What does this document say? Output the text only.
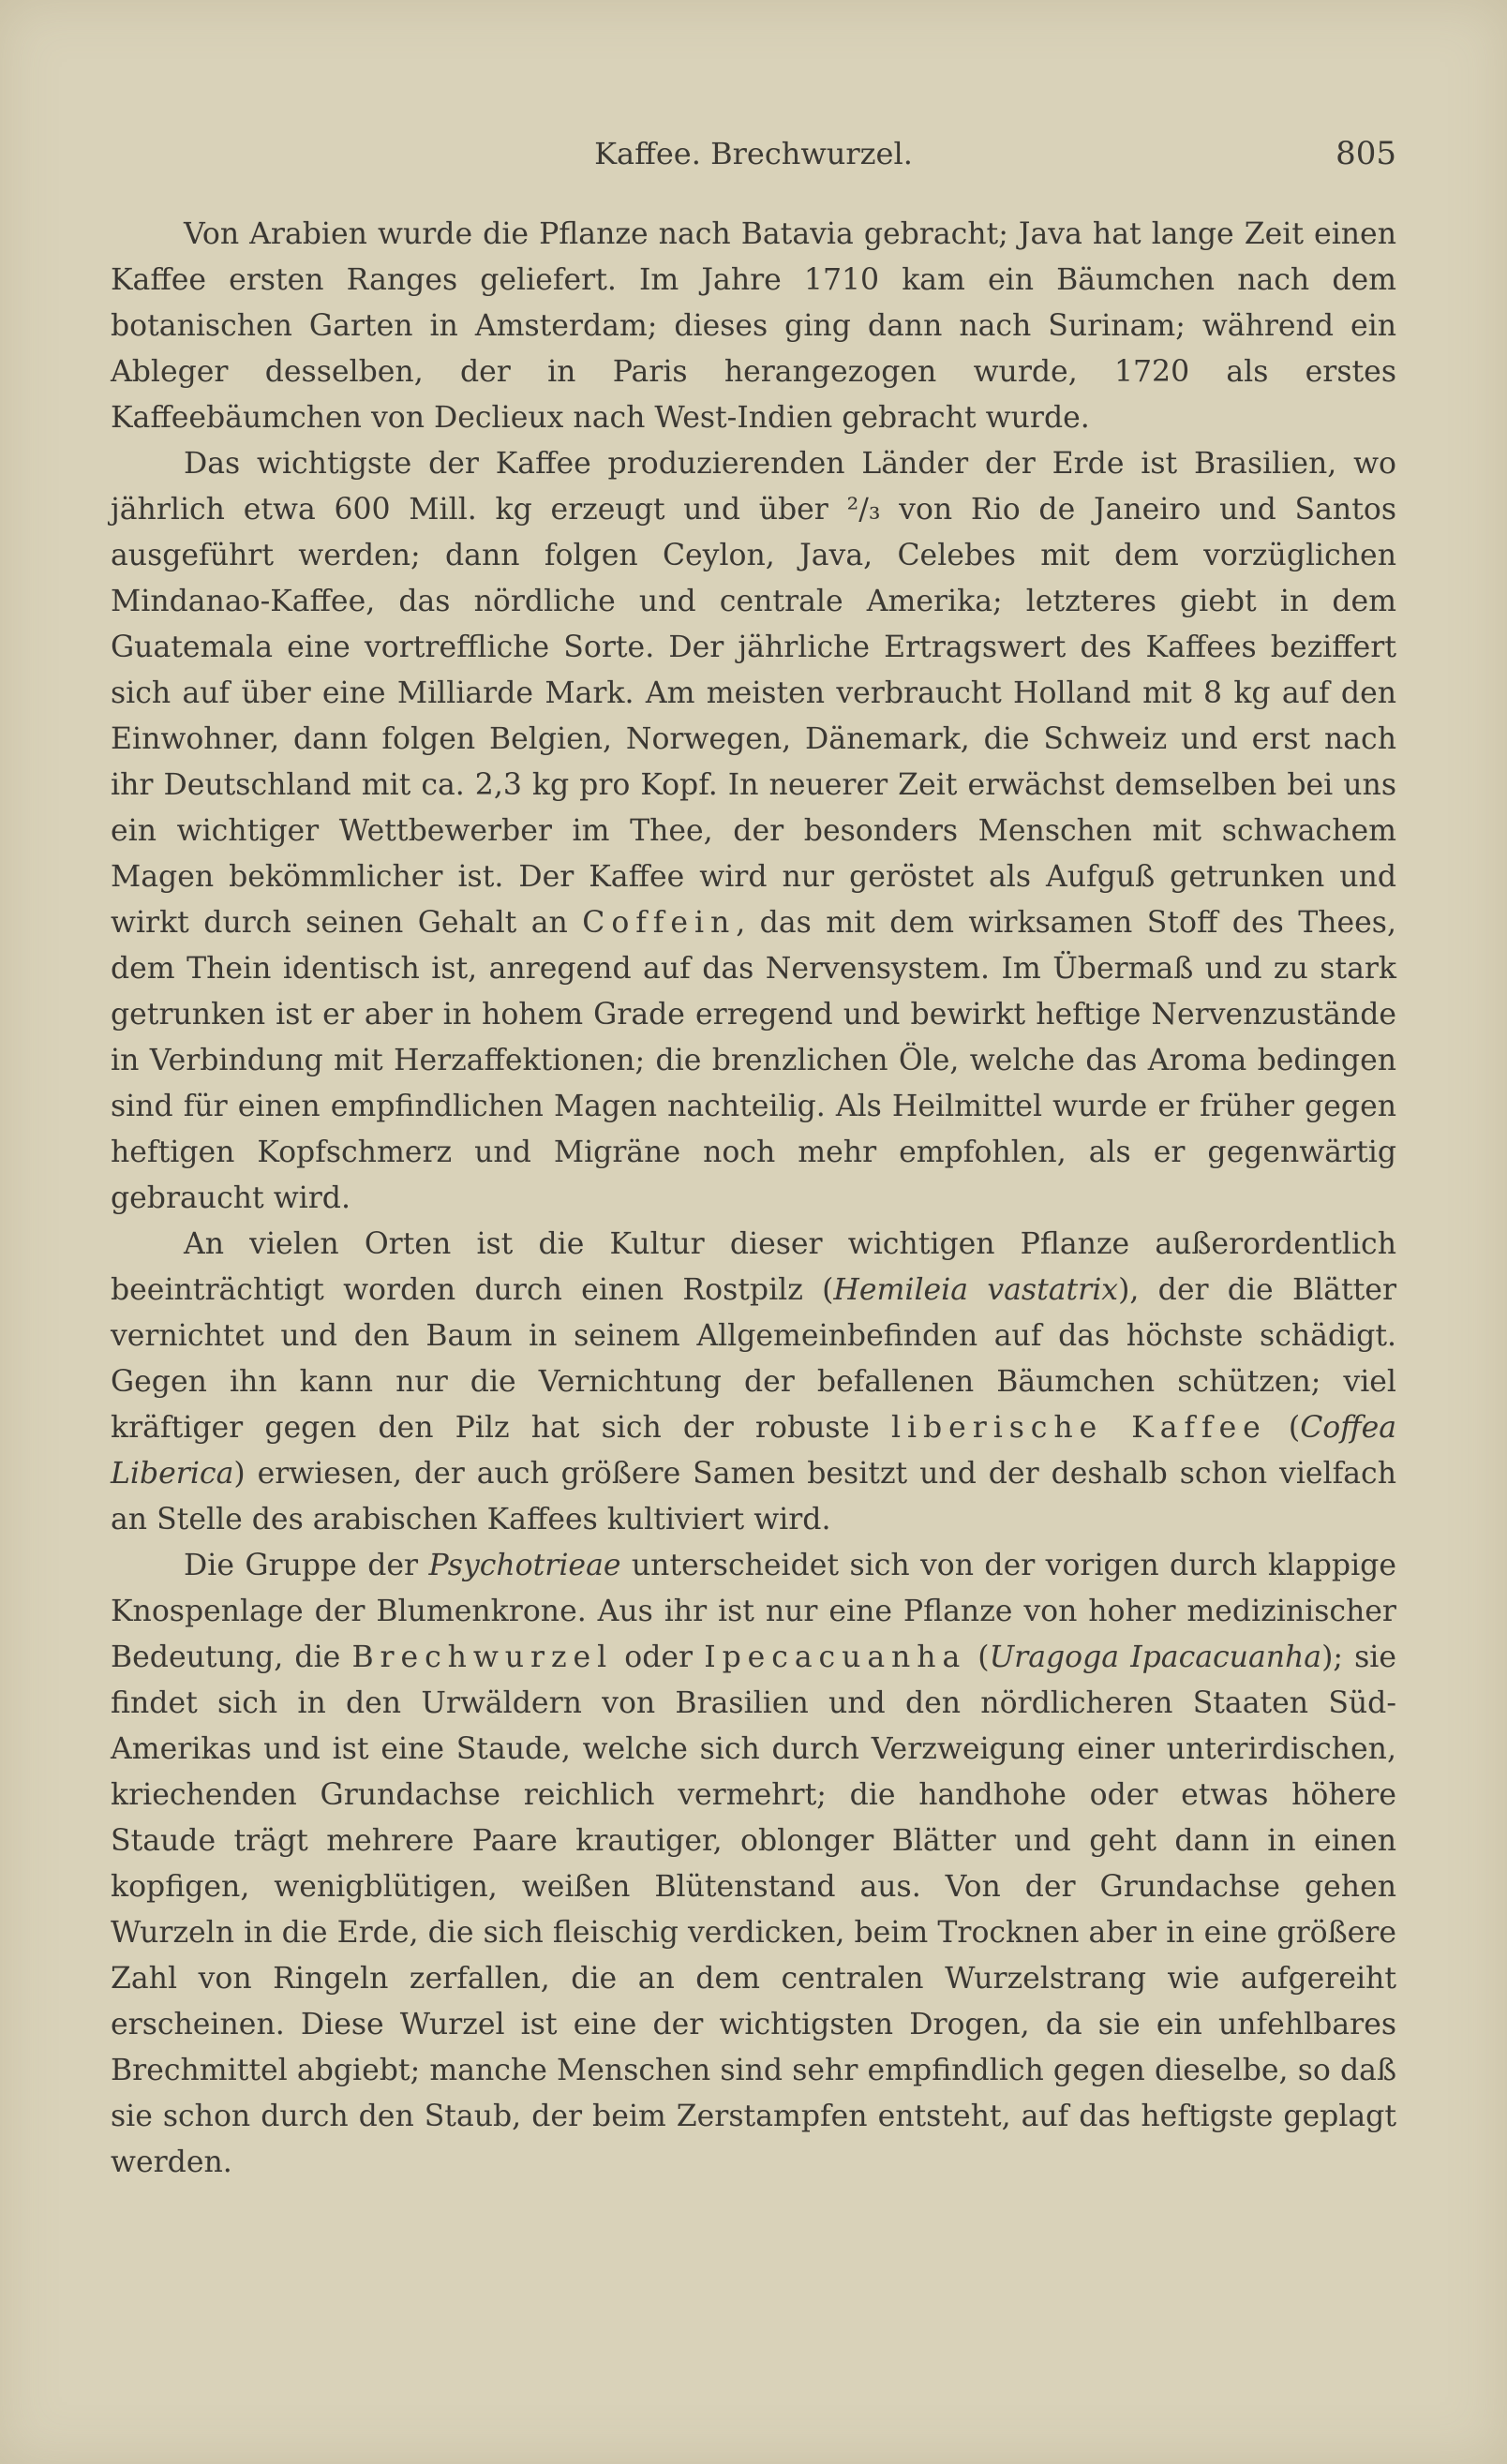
Kaffee. Brechwurzel.	805

Von Arabien wurde die Pflanze nach Batavia gebracht; Java hat lange Zeit einen Kaffee ersten Ranges geliefert. Im Jahre 1710 kam ein Bäumchen nach dem botanischen Garten in Amsterdam; dieses ging dann nach Surinam; während ein Ableger desselben, der in Paris herangezogen wurde, 1720 als erstes Kaffeebäumchen von Declieux nach West-Indien gebracht wurde.

Das wichtigste der Kaffee produzierenden Länder der Erde ist Brasilien, wo jährlich etwa 600 Mill. kg erzeugt und über ²/₃ von Rio de Janeiro und Santos ausgeführt werden; dann folgen Ceylon, Java, Celebes mit dem vorzüglichen Mindanao-Kaffee, das nördliche und centrale Amerika; letzteres giebt in dem Guatemala eine vortreffliche Sorte. Der jährliche Ertragswert des Kaffees beziffert sich auf über eine Milliarde Mark. Am meisten verbraucht Holland mit 8 kg auf den Einwohner, dann folgen Belgien, Norwegen, Dänemark, die Schweiz und erst nach ihr Deutschland mit ca. 2,3 kg pro Kopf. In neuerer Zeit erwächst demselben bei uns ein wichtiger Wettbewerber im Thee, der besonders Menschen mit schwachem Magen bekömmlicher ist. Der Kaffee wird nur geröstet als Aufguß getrunken und wirkt durch seinen Gehalt an Coffein, das mit dem wirksamen Stoff des Thees, dem Thein identisch ist, anregend auf das Nervensystem. Im Übermaß und zu stark getrunken ist er aber in hohem Grade erregend und bewirkt heftige Nervenzustände in Verbindung mit Herzaffektionen; die brenzlichen Öle, welche das Aroma bedingen sind für einen empfindlichen Magen nachteilig. Als Heilmittel wurde er früher gegen heftigen Kopfschmerz und Migräne noch mehr empfohlen, als er gegenwärtig gebraucht wird.

An vielen Orten ist die Kultur dieser wichtigen Pflanze außerordentlich beeinträchtigt worden durch einen Rostpilz (Hemileia vastatrix), der die Blätter vernichtet und den Baum in seinem Allgemeinbefinden auf das höchste schädigt. Gegen ihn kann nur die Vernichtung der befallenen Bäumchen schützen; viel kräftiger gegen den Pilz hat sich der robuste liberische Kaffee (Coffea Liberica) erwiesen, der auch größere Samen besitzt und der deshalb schon vielfach an Stelle des arabischen Kaffees kultiviert wird.

Die Gruppe der Psychotrieae unterscheidet sich von der vorigen durch klappige Knospenlage der Blumenkrone. Aus ihr ist nur eine Pflanze von hoher medizinischer Bedeutung, die Brechwurzel oder Ipecacuanha (Uragoga Ipacacuanha); sie findet sich in den Urwäldern von Brasilien und den nördlicheren Staaten Süd-Amerikas und ist eine Staude, welche sich durch Verzweigung einer unterirdischen, kriechenden Grundachse reichlich vermehrt; die handhohe oder etwas höhere Staude trägt mehrere Paare krautiger, oblonger Blätter und geht dann in einen kopfigen, wenigblütigen, weißen Blütenstand aus. Von der Grundachse gehen Wurzeln in die Erde, die sich fleischig verdicken, beim Trocknen aber in eine größere Zahl von Ringeln zerfallen, die an dem centralen Wurzelstrang wie aufgereiht erscheinen. Diese Wurzel ist eine der wichtigsten Drogen, da sie ein unfehlbares Brechmittel abgiebt; manche Menschen sind sehr empfindlich gegen dieselbe, so daß sie schon durch den Staub, der beim Zerstampfen entsteht, auf das heftigste geplagt werden.
